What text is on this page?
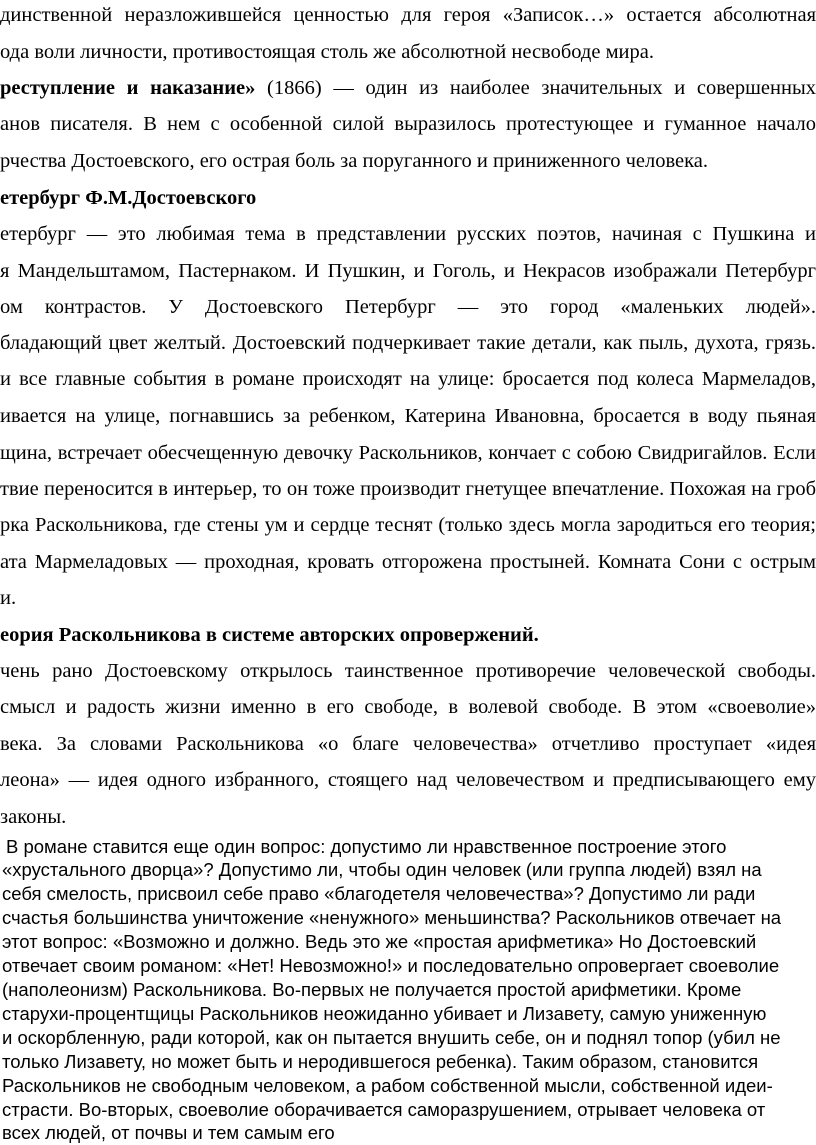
динственной неразложившейся ценностью для героя «Записок…» остается абсолютная
ода воли личности, противостоящая столь же абсолютной несвободе мира.
реступление и наказание» (1866) — один из наиболее значительных и совершенных
анов писателя. В нем с особенной силой выразилось протестующее и гуманное начало
рчества Достоевского, его острая боль за поруганного и приниженного человека.
етербург Ф.М.Достоевского
етербург — это любимая тема в представлении русских поэтов, начиная с Пушкина и
я Мандельштамом, Пастернаком. И Пушкин, и Гоголь, и Некрасов изображали Петербург
ом контрастов. У Достоевского Петербург — это город «маленьких людей».
бладающий цвет желтый. Достоевский подчеркивает такие детали, как пыль, духота, грязь.
и все главные события в романе происходят на улице: бросается под колеса Мармеладов,
ивается на улице, погнавшись за ребенком, Катерина Ивановна, бросается в воду пьяная
щина, встречает обесчещенную девочку Раскольников, кончает с собою Свидригайлов. Если
твие переносится в интерьер, то он тоже производит гнетущее впечатление. Похожая на гроб
рка Раскольникова, где стены ум и сердце теснят (только здесь могла зародиться его теория;
ата Мармеладовых — проходная, кровать отгорожена простыней. Комната Сони с острым
и.
еория Раскольникова в системе авторских опровержений.
чень рано Достоевскому открылось таинственное противоречие человеческой свободы.
смысл и радость жизни именно в его свободе, в волевой свободе. В этом «своеволие»
века. За словами Раскольникова «о благе человечества» отчетливо проступает «идея
леона» — идея одного избранного, стоящего над человечеством и предписывающего ему
законы.
В романе ставится еще один вопрос: допустимо ли нравственное построение этого
«хрустального дворца»? Допустимо ли, чтобы один человек (или группа людей) взял на
себя смелость, присвоил себе право «благодетеля человечества»? Допустимо ли ради
счастья большинства уничтожение «ненужного» меньшинства? Раскольников отвечает на
этот вопрос: «Возможно и должно. Ведь это же «простая арифметика» Но Достоевский
отвечает своим романом: «Нет! Невозможно!» и последовательно опровергает своеволие
(наполеонизм) Раскольникова. Во-первых не получается простой арифметики. Кроме
старухи-процентщицы Раскольников неожиданно убивает и Лизавету, самую униженную
и оскорбленную, ради которой, как он пытается внушить себе, он и поднял топор (убил не
только Лизавету, но может быть и неродившегося ребенка). Таким образом, становится
Раскольников не свободным человеком, а рабом собственной мысли, собственной идеи-
страсти. Во-вторых, своеволие оборачивается саморазрушением, отрывает человека от
всех людей, от почвы и тем самым его
